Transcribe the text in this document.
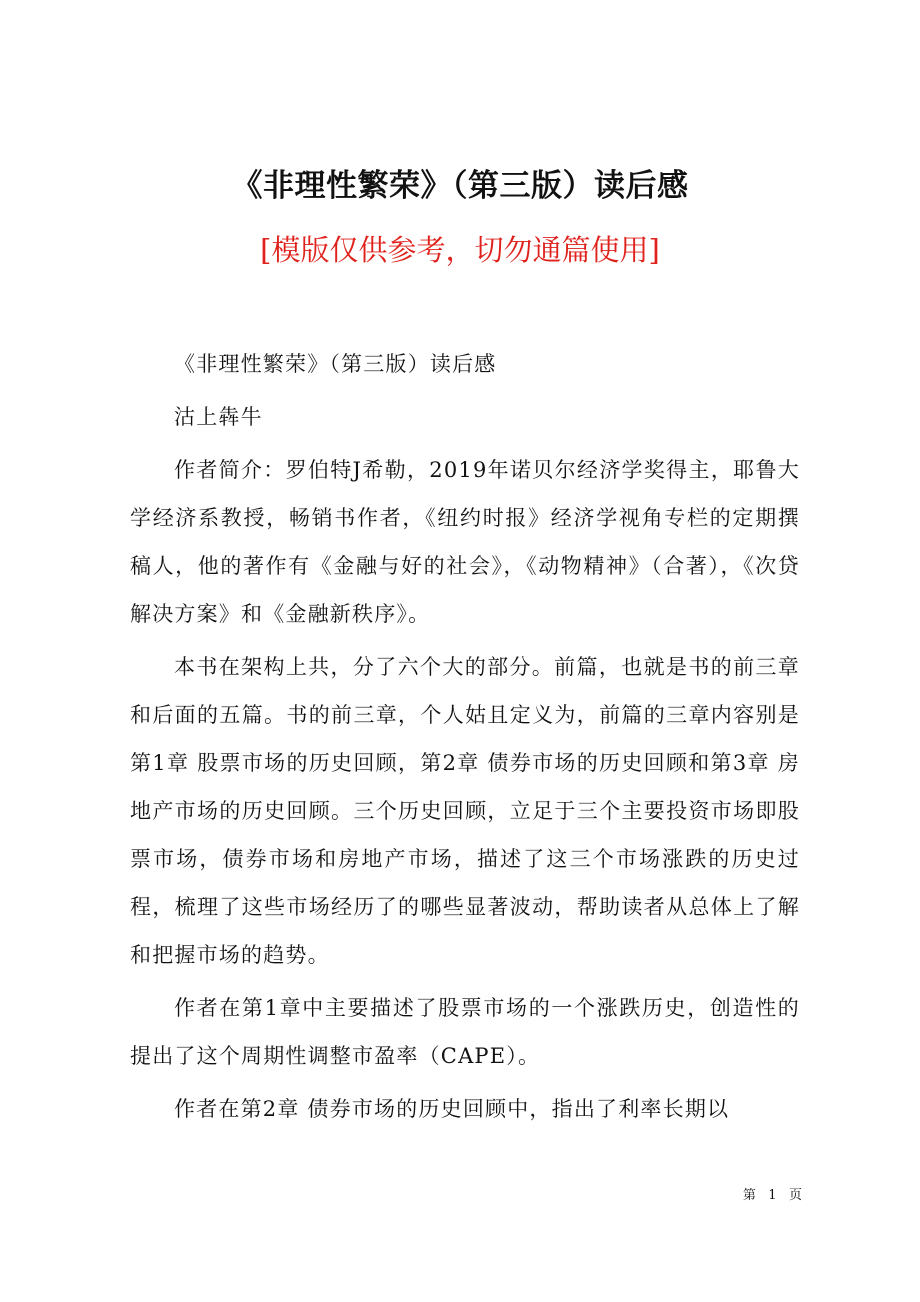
《非理性繁荣》（第三版）读后感
[模版仅供参考，切勿通篇使用]

《非理性繁荣》（第三版）读后感

沽上犇牛

作者简介：罗伯特J希勒，2019年诺贝尔经济学奖得主，耶鲁大学经济系教授，畅销书作者，《纽约时报》经济学视角专栏的定期撰稿人，他的著作有《金融与好的社会》，《动物精神》（合著），《次贷解决方案》和《金融新秩序》。

本书在架构上共，分了六个大的部分。前篇，也就是书的前三章和后面的五篇。书的前三章，个人姑且定义为，前篇的三章内容别是第1章 股票市场的历史回顾，第2章 债券市场的历史回顾和第3章 房地产市场的历史回顾。三个历史回顾，立足于三个主要投资市场即股票市场，债券市场和房地产市场，描述了这三个市场涨跌的历史过程，梳理了这些市场经历了的哪些显著波动，帮助读者从总体上了解和把握市场的趋势。

作者在第1章中主要描述了股票市场的一个涨跌历史，创造性的提出了这个周期性调整市盈率（CAPE）。

作者在第2章 债券市场的历史回顾中，指出了利率长期以

第 1 页
